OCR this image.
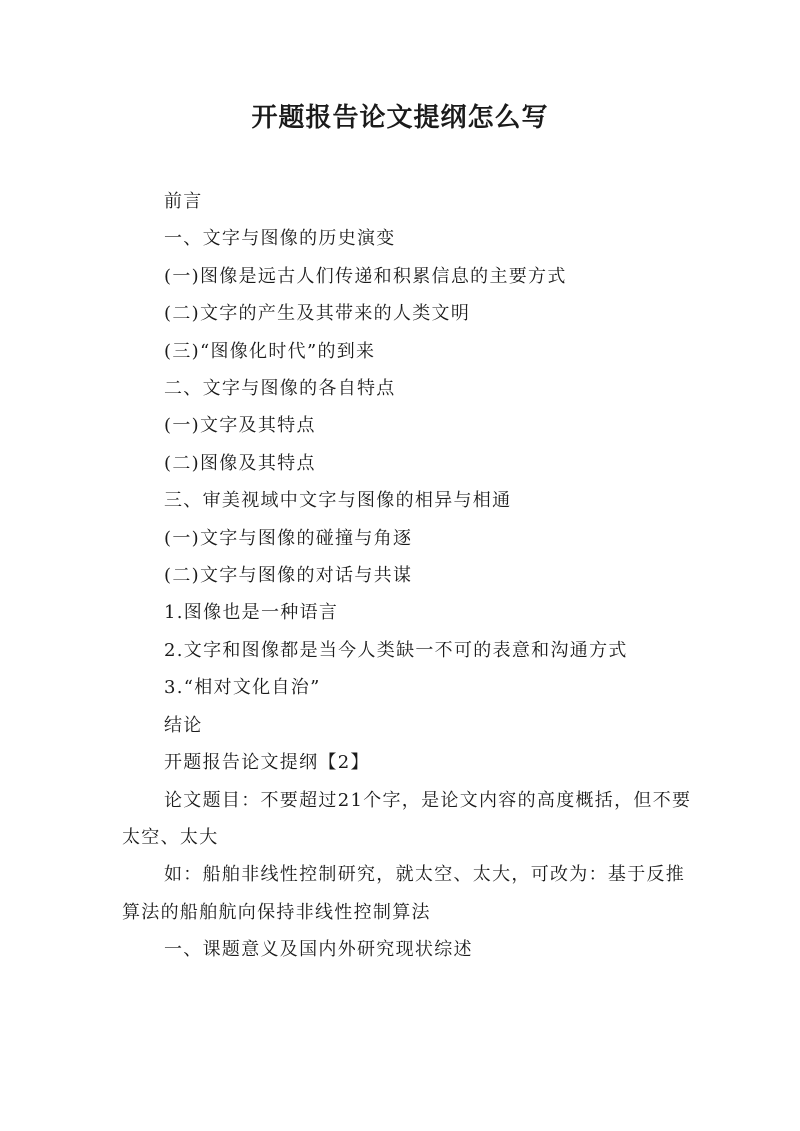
开题报告论文提纲怎么写

前言

一、文字与图像的历史演变

(一)图像是远古人们传递和积累信息的主要方式

(二)文字的产生及其带来的人类文明

(三)“图像化时代”的到来

二、文字与图像的各自特点

(一)文字及其特点

(二)图像及其特点

三、审美视域中文字与图像的相异与相通

(一)文字与图像的碰撞与角逐

(二)文字与图像的对话与共谋

1.图像也是一种语言

2.文字和图像都是当今人类缺一不可的表意和沟通方式

3.“相对文化自治”

结论

开题报告论文提纲【2】

论文题目：不要超过21个字，是论文内容的高度概括，但不要太空、太大

如：船舶非线性控制研究，就太空、太大，可改为：基于反推算法的船舶航向保持非线性控制算法

一、课题意义及国内外研究现状综述
